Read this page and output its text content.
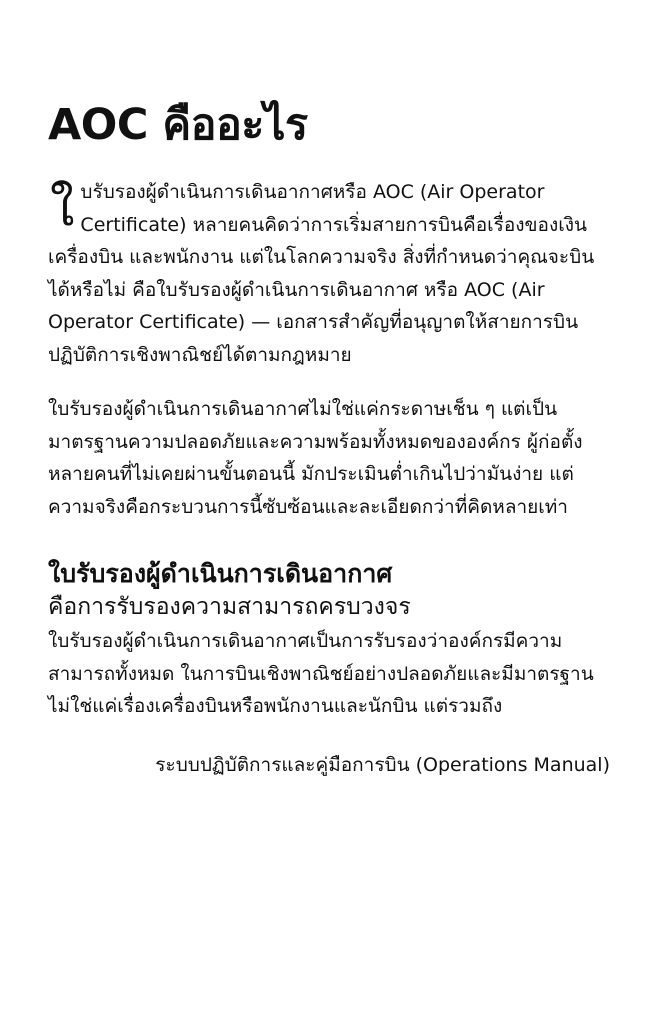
AOC คืออะไร

ใบรับรองผู้ดำเนินการเดินอากาศหรือ AOC (Air Operator Certificate) หลายคนคิดว่าการเริ่มสายการบินคือเรื่องของเงิน เครื่องบิน และพนักงาน แต่ในโลกความจริง สิ่งที่กำหนดว่าคุณจะบินได้หรือไม่ คือใบรับรองผู้ดำเนินการเดินอากาศ หรือ AOC (Air Operator Certificate) — เอกสารสำคัญที่อนุญาตให้สายการบินปฏิบัติการเชิงพาณิชย์ได้ตามกฎหมาย

ใบรับรองผู้ดำเนินการเดินอากาศไม่ใช่แค่กระดาษเช็น ๆ แต่เป็นมาตรฐานความปลอดภัยและความพร้อมทั้งหมดขององค์กร ผู้ก่อตั้งหลายคนที่ไม่เคยผ่านขั้นตอนนี้ มักประเมินต่ำเกินไปว่ามันง่าย แต่ความจริงคือกระบวนการนี้ซับซ้อนและละเอียดกว่าที่คิดหลายเท่า

ใบรับรองผู้ดำเนินการเดินอากาศ
คือการรับรองความสามารถครบวงจร

ใบรับรองผู้ดำเนินการเดินอากาศเป็นการรับรองว่าองค์กรมีความสามารถทั้งหมด ในการบินเชิงพาณิชย์อย่างปลอดภัยและมีมาตรฐาน ไม่ใช่แค่เรื่องเครื่องบินหรือพนักงานและนักบิน แต่รวมถึง

ระบบปฏิบัติการและคู่มือการบิน (Operations Manual)
